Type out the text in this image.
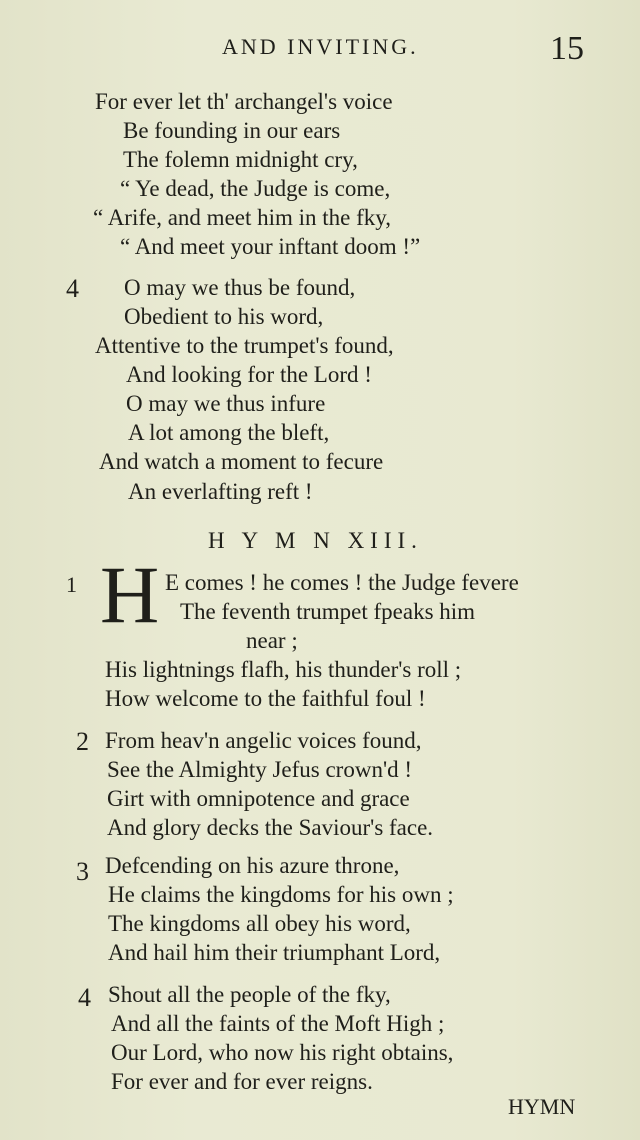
AND INVITING.	15
For ever let th' archangel's voice
Be founding in our ears
The folemn midnight cry,
“ Ye dead, the Judge is come,
“ Arife, and meet him in the fky,
“ And meet your inftant doom !”
4 O may we thus be found,
Obedient to his word,
Attentive to the trumpet's found,
And looking for the Lord !
O may we thus infure
A lot among the bleft,
And watch a moment to fecure
An everlafting reft !
H Y M N XIII.
1 H E comes ! he comes ! the Judge fevere
The feventh trumpet fpeaks him
near ;
His lightnings flafh, his thunder's roll ;
How welcome to the faithful foul !
2 From heav'n angelic voices found,
See the Almighty Jefus crown'd !
Girt with omnipotence and grace
And glory decks the Saviour's face.
3 Defcending on his azure throne,
He claims the kingdoms for his own ;
The kingdoms all obey his word,
And hail him their triumphant Lord,
4 Shout all the people of the fky,
And all the faints of the Moft High ;
Our Lord, who now his right obtains,
For ever and for ever reigns.
HYMN
